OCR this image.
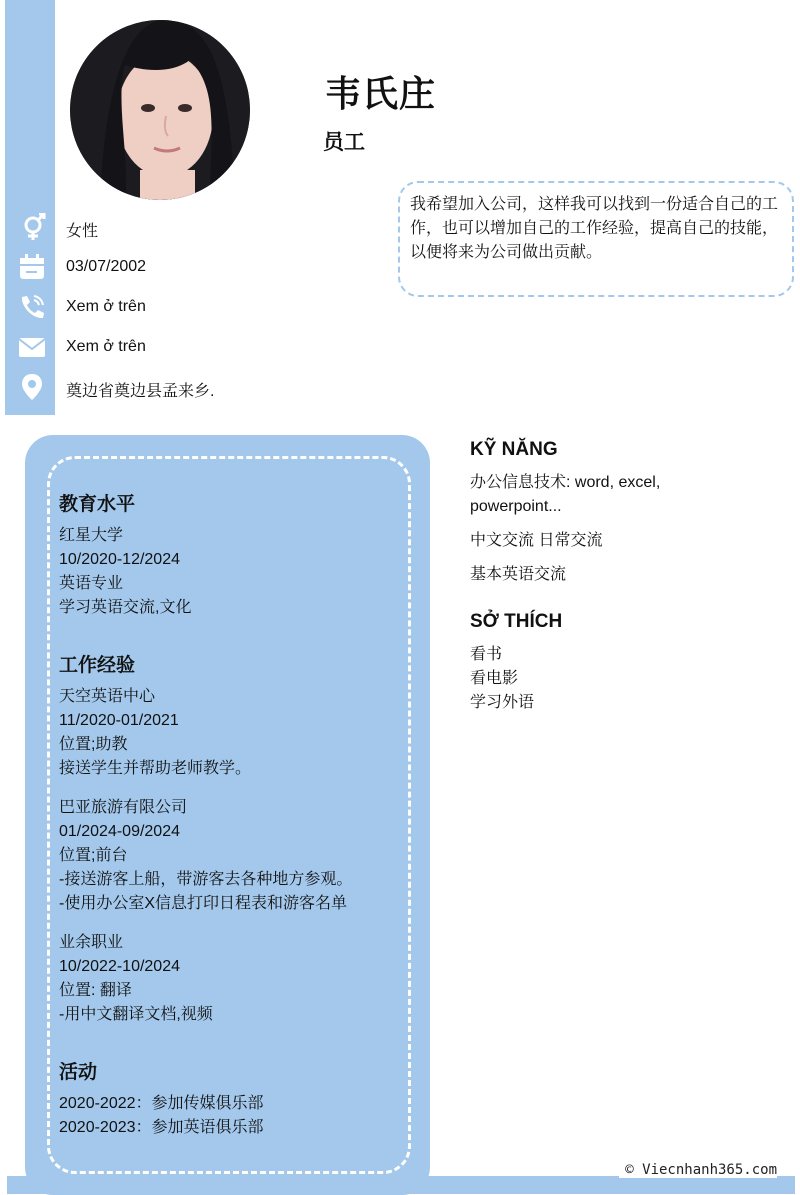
韦氏庄
员工
女性
03/07/2002
Xem ở trên
Xem ở trên
奠边省奠边县孟来乡.
我希望加入公司，这样我可以找到一份适合自己的工作，也可以增加自己的工作经验，提高自己的技能，以便将来为公司做出贡献。
教育水平
红星大学
10/2020-12/2024
英语专业
学习英语交流,文化
工作经验
天空英语中心
11/2020-01/2021
位置;助教
接送学生并帮助老师教学。
巴亚旅游有限公司
01/2024-09/2024
位置;前台
-接送游客上船，带游客去各种地方参观。
-使用办公室X信息打印日程表和游客名单
业余职业
10/2022-10/2024
位置: 翻译
-用中文翻译文档,视频
活动
2020-2022：参加传媒俱乐部
2020-2023：参加英语俱乐部
KỸ NĂNG
办公信息技术: word, excel, powerpoint...
中文交流 日常交流
基本英语交流
SỞ THÍCH
看书
看电影
学习外语
© Viecnhanh365.com
